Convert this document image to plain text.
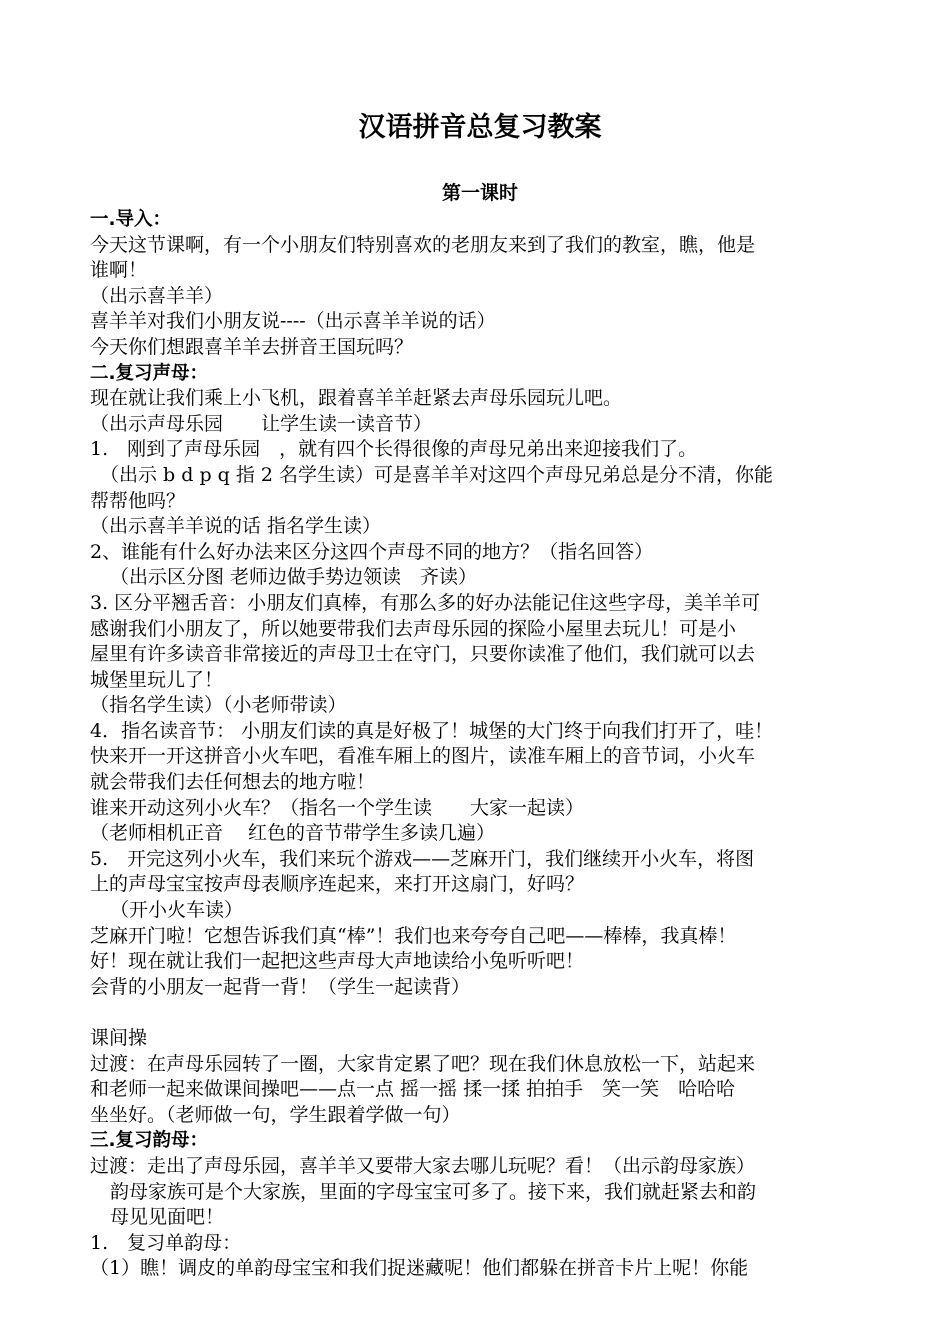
汉语拼音总复习教案
第一课时
一.导入：
今天这节课啊，有一个小朋友们特别喜欢的老朋友来到了我们的教室，瞧，他是
谁啊！
（出示喜羊羊）
喜羊羊对我们小朋友说----（出示喜羊羊说的话）
今天你们想跟喜羊羊去拼音王国玩吗？
二.复习声母：
现在就让我们乘上小飞机，跟着喜羊羊赶紧去声母乐园玩儿吧。
（出示声母乐园　　让学生读一读音节）
1.　刚到了声母乐园　，就有四个长得很像的声母兄弟出来迎接我们了。
（出示 b d p q 指 2 名学生读）可是喜羊羊对这四个声母兄弟总是分不清，你能
帮帮他吗？
（出示喜羊羊说的话 指名学生读）
2、谁能有什么好办法来区分这四个声母不同的地方？（指名回答）
（出示区分图 老师边做手势边领读　齐读）
3. 区分平翘舌音：小朋友们真棒，有那么多的好办法能记住这些字母，美羊羊可
感谢我们小朋友了，所以她要带我们去声母乐园的探险小屋里去玩儿！可是小
屋里有许多读音非常接近的声母卫士在守门，只要你读准了他们，我们就可以去
城堡里玩儿了！
（指名学生读）（小老师带读）
4．指名读音节： 小朋友们读的真是好极了！城堡的大门终于向我们打开了，哇！
快来开一开这拼音小火车吧，看准车厢上的图片，读准车厢上的音节词，小火车
就会带我们去任何想去的地方啦！
谁来开动这列小火车？（指名一个学生读　　大家一起读）
（老师相机正音　 红色的音节带学生多读几遍）
5.　开完这列小火车，我们来玩个游戏——芝麻开门，我们继续开小火车，将图
上的声母宝宝按声母表顺序连起来，来打开这扇门，好吗？
（开小火车读）
芝麻开门啦！它想告诉我们真“棒”！我们也来夸夸自己吧——棒棒，我真棒！
好！现在就让我们一起把这些声母大声地读给小兔听听吧！
会背的小朋友一起背一背！（学生一起读背）
课间操
过渡：在声母乐园转了一圈，大家肯定累了吧？现在我们休息放松一下，站起来
和老师一起来做课间操吧——点一点 摇一摇 揉一揉 拍拍手　笑一笑　哈哈哈
坐坐好。（老师做一句，学生跟着学做一句）
三.复习韵母：
过渡：走出了声母乐园，喜羊羊又要带大家去哪儿玩呢？看！（出示韵母家族）
韵母家族可是个大家族，里面的字母宝宝可多了。接下来，我们就赶紧去和韵
母见见面吧！
1.　复习单韵母：
（1）瞧！调皮的单韵母宝宝和我们捉迷藏呢！他们都躲在拼音卡片上呢！你能
